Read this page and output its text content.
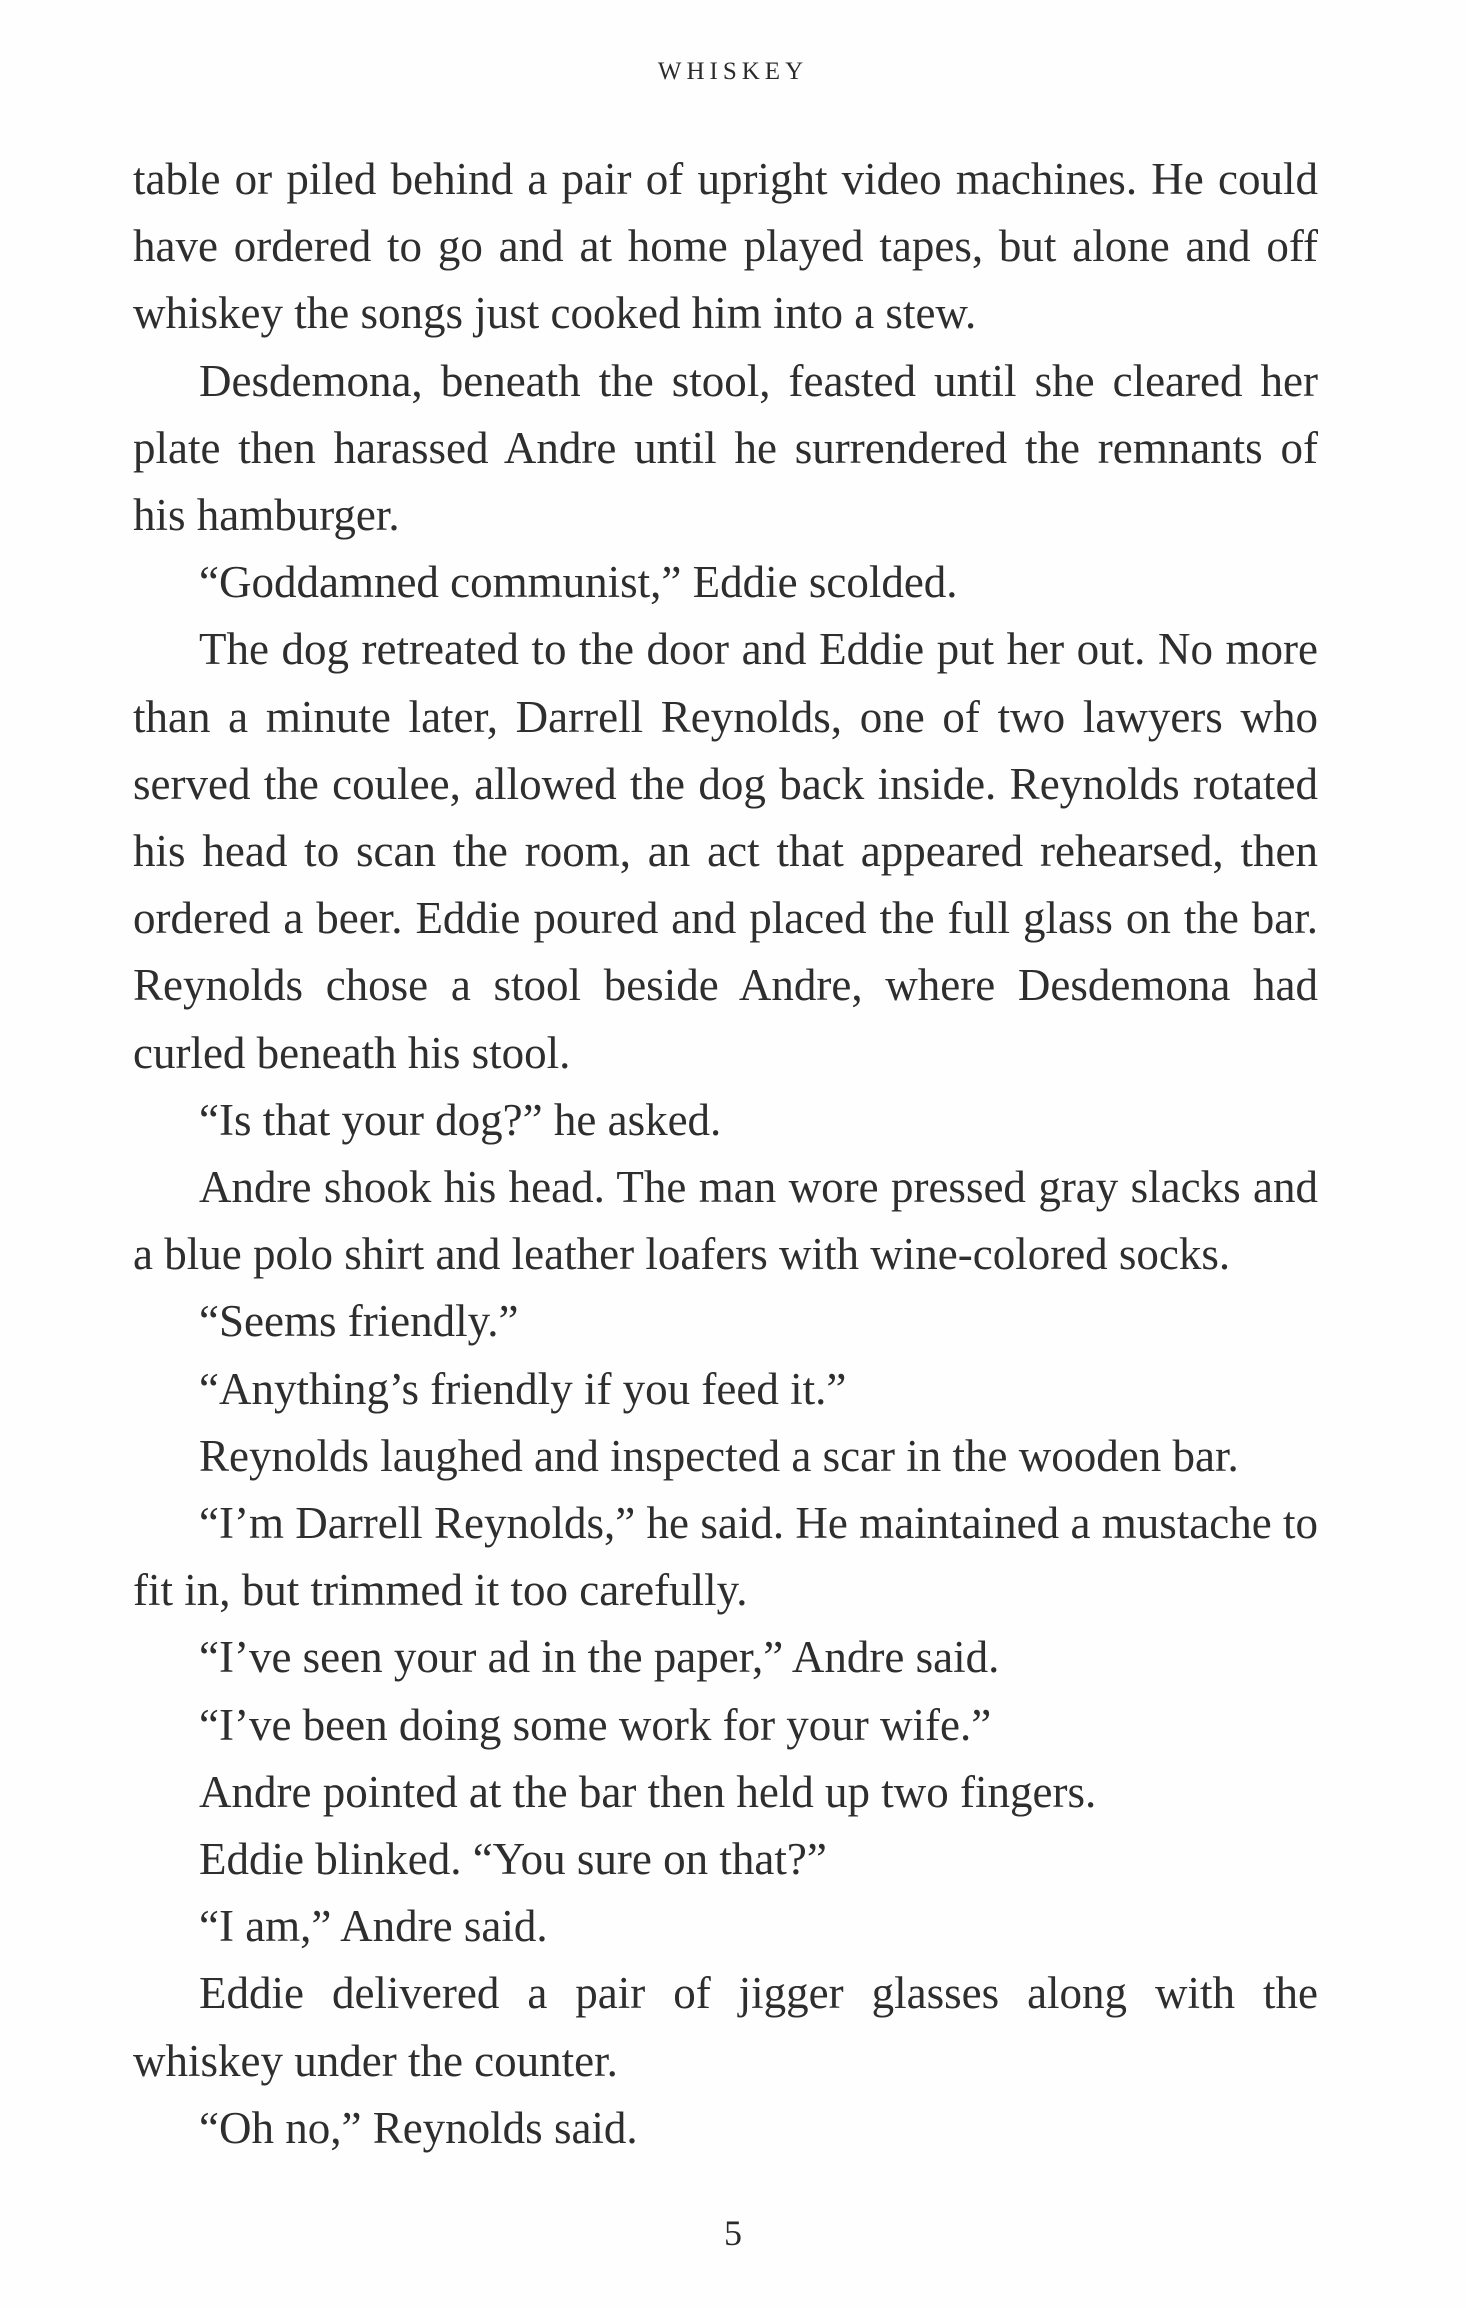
WHISKEY

table or piled behind a pair of upright video machines. He could have ordered to go and at home played tapes, but alone and off whiskey the songs just cooked him into a stew.

Desdemona, beneath the stool, feasted until she cleared her plate then harassed Andre until he surrendered the remnants of his hamburger.

“Goddamned communist,” Eddie scolded.

The dog retreated to the door and Eddie put her out. No more than a minute later, Darrell Reynolds, one of two lawyers who served the coulee, allowed the dog back inside. Reynolds rotated his head to scan the room, an act that appeared rehearsed, then ordered a beer. Eddie poured and placed the full glass on the bar. Reynolds chose a stool beside Andre, where Desdemona had curled beneath his stool.

“Is that your dog?” he asked.

Andre shook his head. The man wore pressed gray slacks and a blue polo shirt and leather loafers with wine-colored socks.

“Seems friendly.”

“Anything’s friendly if you feed it.”

Reynolds laughed and inspected a scar in the wooden bar.

“I’m Darrell Reynolds,” he said. He maintained a mustache to fit in, but trimmed it too carefully.

“I’ve seen your ad in the paper,” Andre said.

“I’ve been doing some work for your wife.”

Andre pointed at the bar then held up two fingers.

Eddie blinked. “You sure on that?”

“I am,” Andre said.

Eddie delivered a pair of jigger glasses along with the whiskey under the counter.

“Oh no,” Reynolds said.

5
